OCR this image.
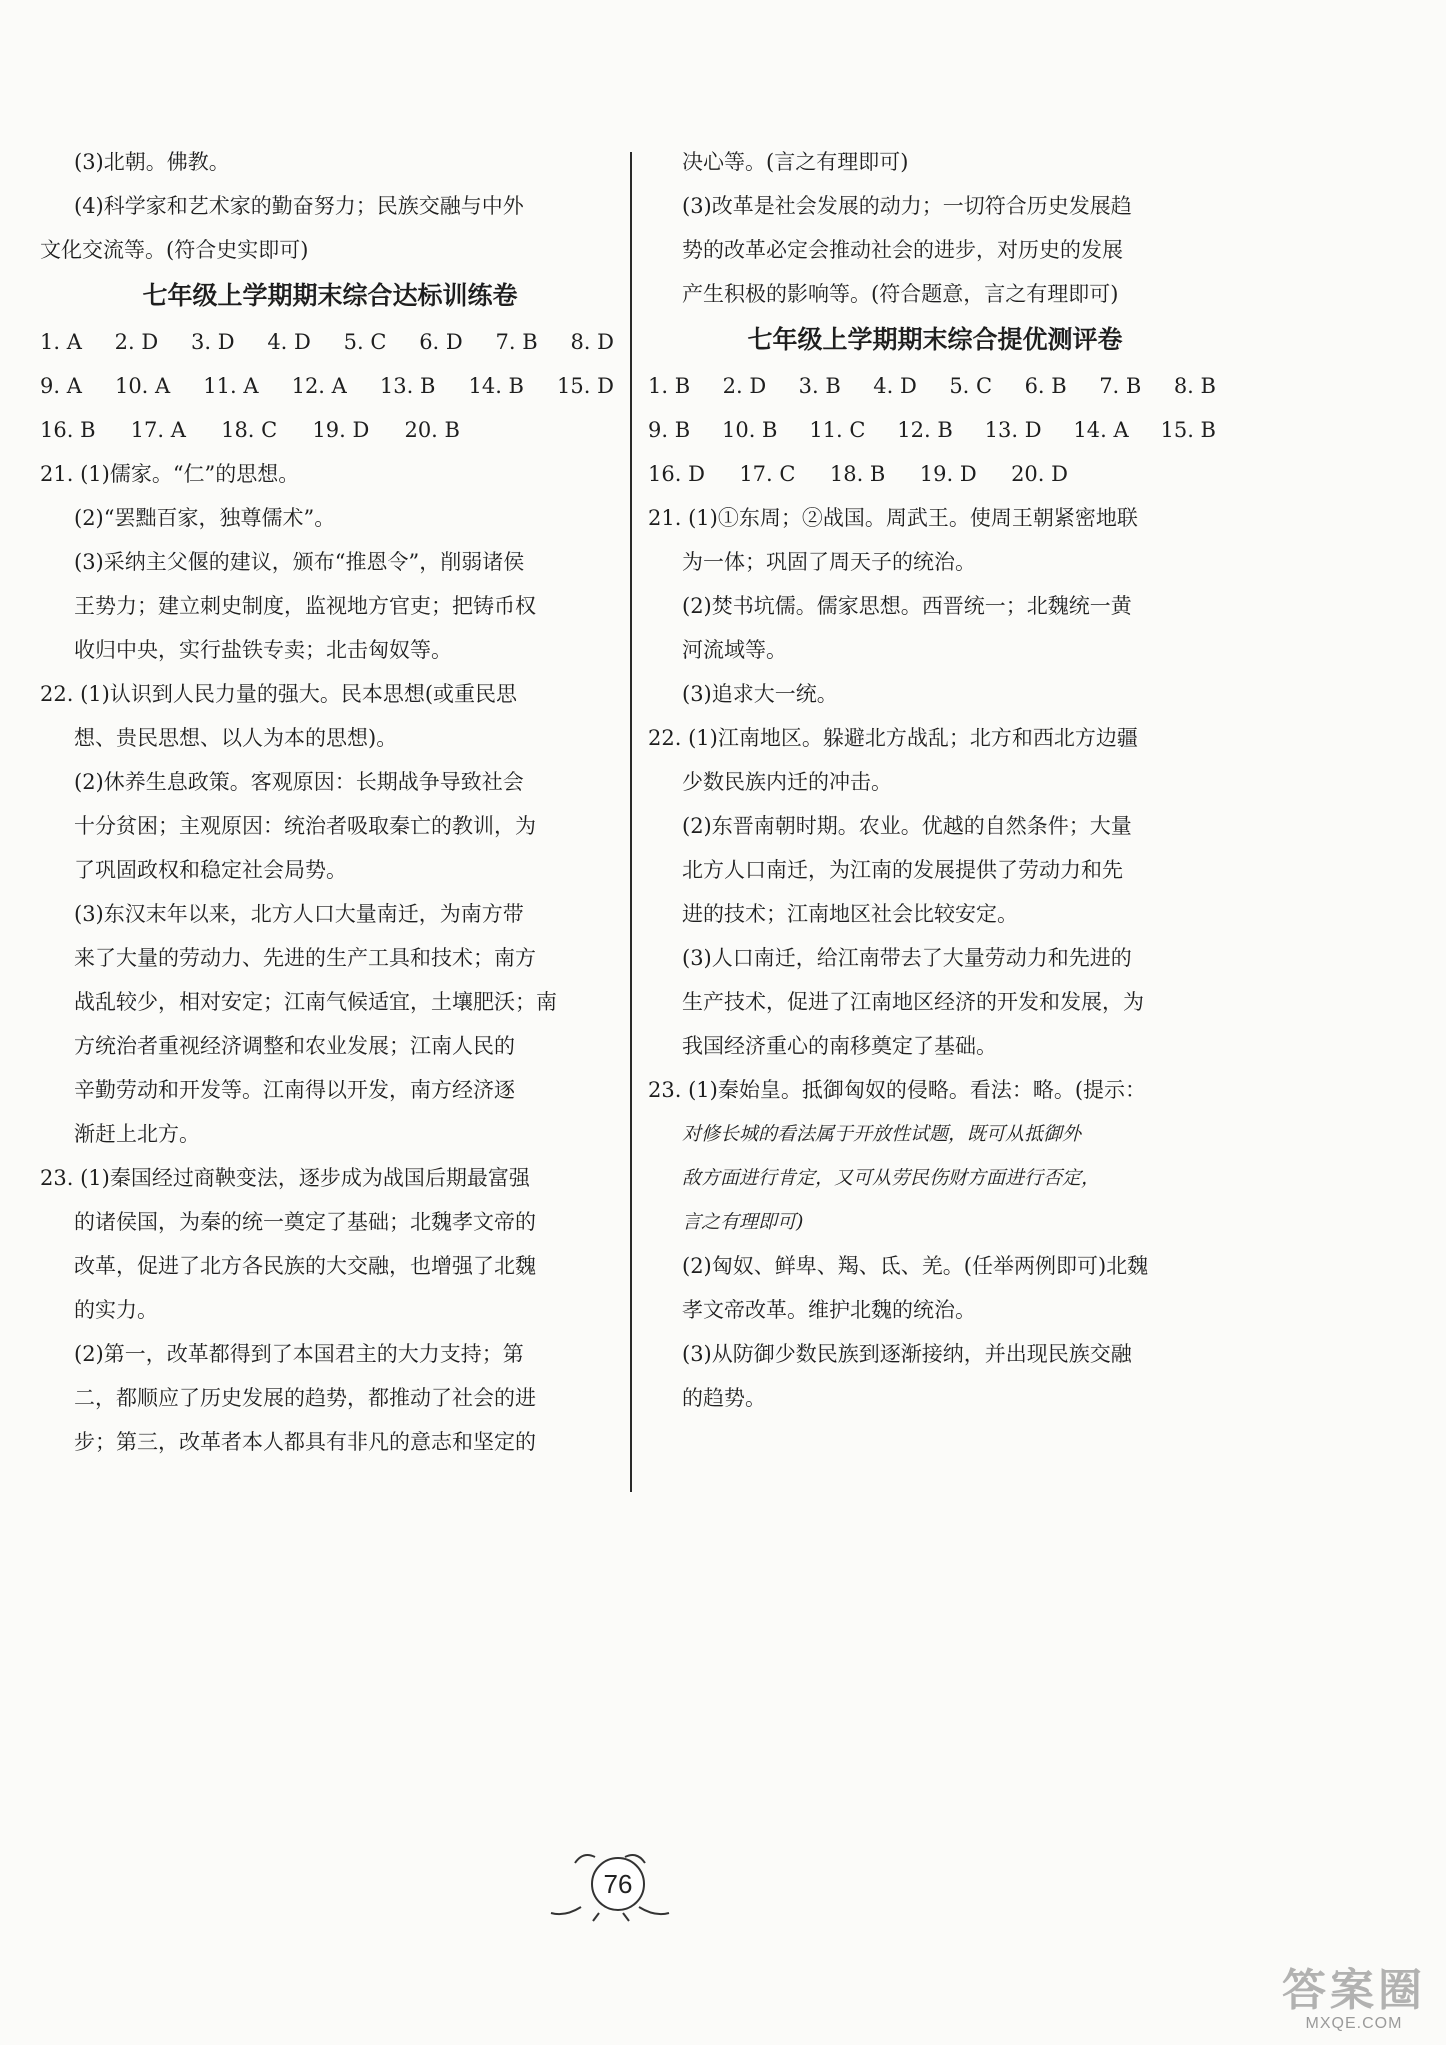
(3)北朝。佛教。
(4)科学家和艺术家的勤奋努力；民族交融与中外
文化交流等。(符合史实即可)
七年级上学期期末综合达标训练卷
1. A 2. D 3. D 4. D 5. C 6. D 7. B 8. D
9. A 10. A 11. A 12. A 13. B 14. B 15. D
16. B 17. A 18. C 19. D 20. B
21. (1)儒家。“仁”的思想。
(2)“罢黜百家，独尊儒术”。
(3)采纳主父偃的建议，颁布“推恩令”，削弱诸侯
王势力；建立刺史制度，监视地方官吏；把铸币权
收归中央，实行盐铁专卖；北击匈奴等。
22. (1)认识到人民力量的强大。民本思想(或重民思
想、贵民思想、以人为本的思想)。
(2)休养生息政策。客观原因：长期战争导致社会
十分贫困；主观原因：统治者吸取秦亡的教训，为
了巩固政权和稳定社会局势。
(3)东汉末年以来，北方人口大量南迁，为南方带
来了大量的劳动力、先进的生产工具和技术；南方
战乱较少，相对安定；江南气候适宜，土壤肥沃；南
方统治者重视经济调整和农业发展；江南人民的
辛勤劳动和开发等。江南得以开发，南方经济逐
渐赶上北方。
23. (1)秦国经过商鞅变法，逐步成为战国后期最富强
的诸侯国，为秦的统一奠定了基础；北魏孝文帝的
改革，促进了北方各民族的大交融，也增强了北魏
的实力。
(2)第一，改革都得到了本国君主的大力支持；第
二，都顺应了历史发展的趋势，都推动了社会的进
步；第三，改革者本人都具有非凡的意志和坚定的
决心等。(言之有理即可)
(3)改革是社会发展的动力；一切符合历史发展趋
势的改革必定会推动社会的进步，对历史的发展
产生积极的影响等。(符合题意，言之有理即可)
七年级上学期期末综合提优测评卷
1. B 2. D 3. B 4. D 5. C 6. B 7. B 8. B
9. B 10. B 11. C 12. B 13. D 14. A 15. B
16. D 17. C 18. B 19. D 20. D
21. (1)①东周；②战国。周武王。使周王朝紧密地联
为一体；巩固了周天子的统治。
(2)焚书坑儒。儒家思想。西晋统一；北魏统一黄
河流域等。
(3)追求大一统。
22. (1)江南地区。躲避北方战乱；北方和西北方边疆
少数民族内迁的冲击。
(2)东晋南朝时期。农业。优越的自然条件；大量
北方人口南迁，为江南的发展提供了劳动力和先
进的技术；江南地区社会比较安定。
(3)人口南迁，给江南带去了大量劳动力和先进的
生产技术，促进了江南地区经济的开发和发展，为
我国经济重心的南移奠定了基础。
23. (1)秦始皇。抵御匈奴的侵略。看法：略。(提示：
对修长城的看法属于开放性试题，既可从抵御外
敌方面进行肯定，又可从劳民伤财方面进行否定，
言之有理即可)
(2)匈奴、鲜卑、羯、氐、羌。(任举两例即可)北魏
孝文帝改革。维护北魏的统治。
(3)从防御少数民族到逐渐接纳，并出现民族交融
的趋势。
76
答案圈
MXQE.COM
